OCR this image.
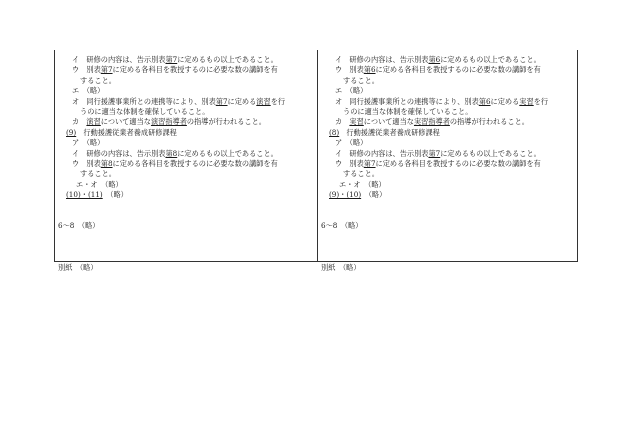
イ　研修の内容は、告示別表第7に定めるもの以上であること。
ウ　別表第7に定める各科目を教授するのに必要な数の講師を有
すること。
エ　（略）
オ　同行援護事業所との連携等により、別表第7に定める演習を行
うのに適当な体制を確保していること。
カ　演習について適当な演習指導者の指導が行われること。
(9)　行動援護従業者養成研修課程
ア　（略）
イ　研修の内容は、告示別表第8に定めるもの以上であること。
ウ　別表第8に定める各科目を教授するのに必要な数の講師を有
すること。
エ・オ　（略）
(10)・(11)　（略）
6～8　（略）
別紙　（略）
イ　研修の内容は、告示別表第6に定めるもの以上であること。
ウ　別表第6に定める各科目を教授するのに必要な数の講師を有
すること。
エ　（略）
オ　同行援護事業所との連携等により、別表第6に定める実習を行
うのに適当な体制を確保していること。
カ　実習について適当な実習指導者の指導が行われること。
(8)　行動援護従業者養成研修課程
ア　（略）
イ　研修の内容は、告示別表第7に定めるもの以上であること。
ウ　別表第7に定める各科目を教授するのに必要な数の講師を有
すること。
エ・オ　（略）
(9)・(10)　（略）
6～8　（略）
別紙　（略）
